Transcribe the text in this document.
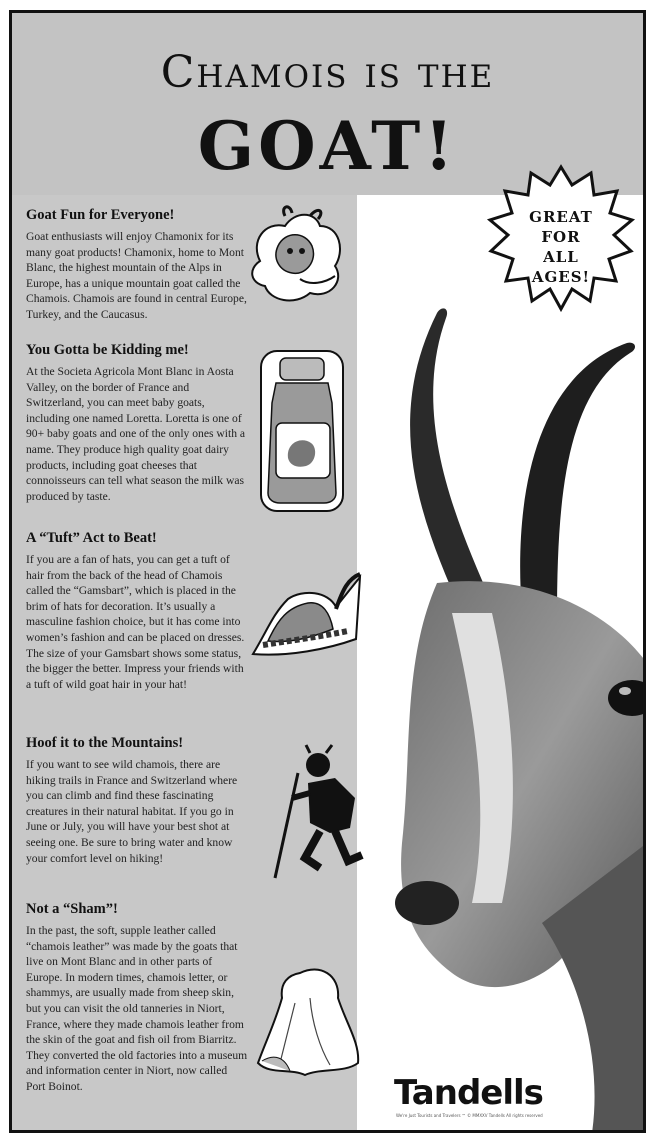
Chamois is the
GOAT!
GREAT
FOR
ALL
AGES!
Goat Fun for Everyone!

Goat enthusiasts will enjoy Chamonix for its many goat products! Chamonix, home to Mont Blanc, the highest mountain of the Alps in Europe, has a unique mountain goat called the Chamois. Chamois are found in central Europe, Turkey, and the Caucasus.

You Gotta be Kidding me!

At the Societa Agricola Mont Blanc in Aosta Valley, on the border of France and Switzerland, you can meet baby goats, including one named Loretta. Loretta is one of 90+ baby goats and one of the only ones with a name. They produce high quality goat dairy products, including goat cheeses that connoisseurs can tell what season the milk was produced by taste.

A “Tuft” Act to Beat!

If you are a fan of hats, you can get a tuft of hair from the back of the head of Chamois called the “Gamsbart”, which is placed in the brim of hats for decoration. It’s usually a masculine fashion choice, but it has come into women’s fashion and can be placed on dresses. The size of your Gamsbart shows some status, the bigger the better. Impress your friends with a tuft of wild goat hair in your hat!

Hoof it to the Mountains!

If you want to see wild chamois, there are hiking trails in France and Switzerland where you can climb and find these fascinating creatures in their natural habitat. If you go in June or July, you will have your best shot at seeing one. Be sure to bring water and know your comfort level on hiking!

Not a “Sham”!

In the past, the soft, supple leather called “chamois leather” was made by the goats that live on Mont Blanc and in other parts of Europe. In modern times, chamois letter, or shammys, are usually made from sheep skin, but you can visit the old tanneries in Niort, France, where they made chamois leather from the skin of the goat and fish oil from Biarritz. They converted the old factories into a museum and information center in Niort, now called Port Boinot.	Tandells
We're Just Tourists and Travelers ™ © MMXXV Tandells All rights reserved
